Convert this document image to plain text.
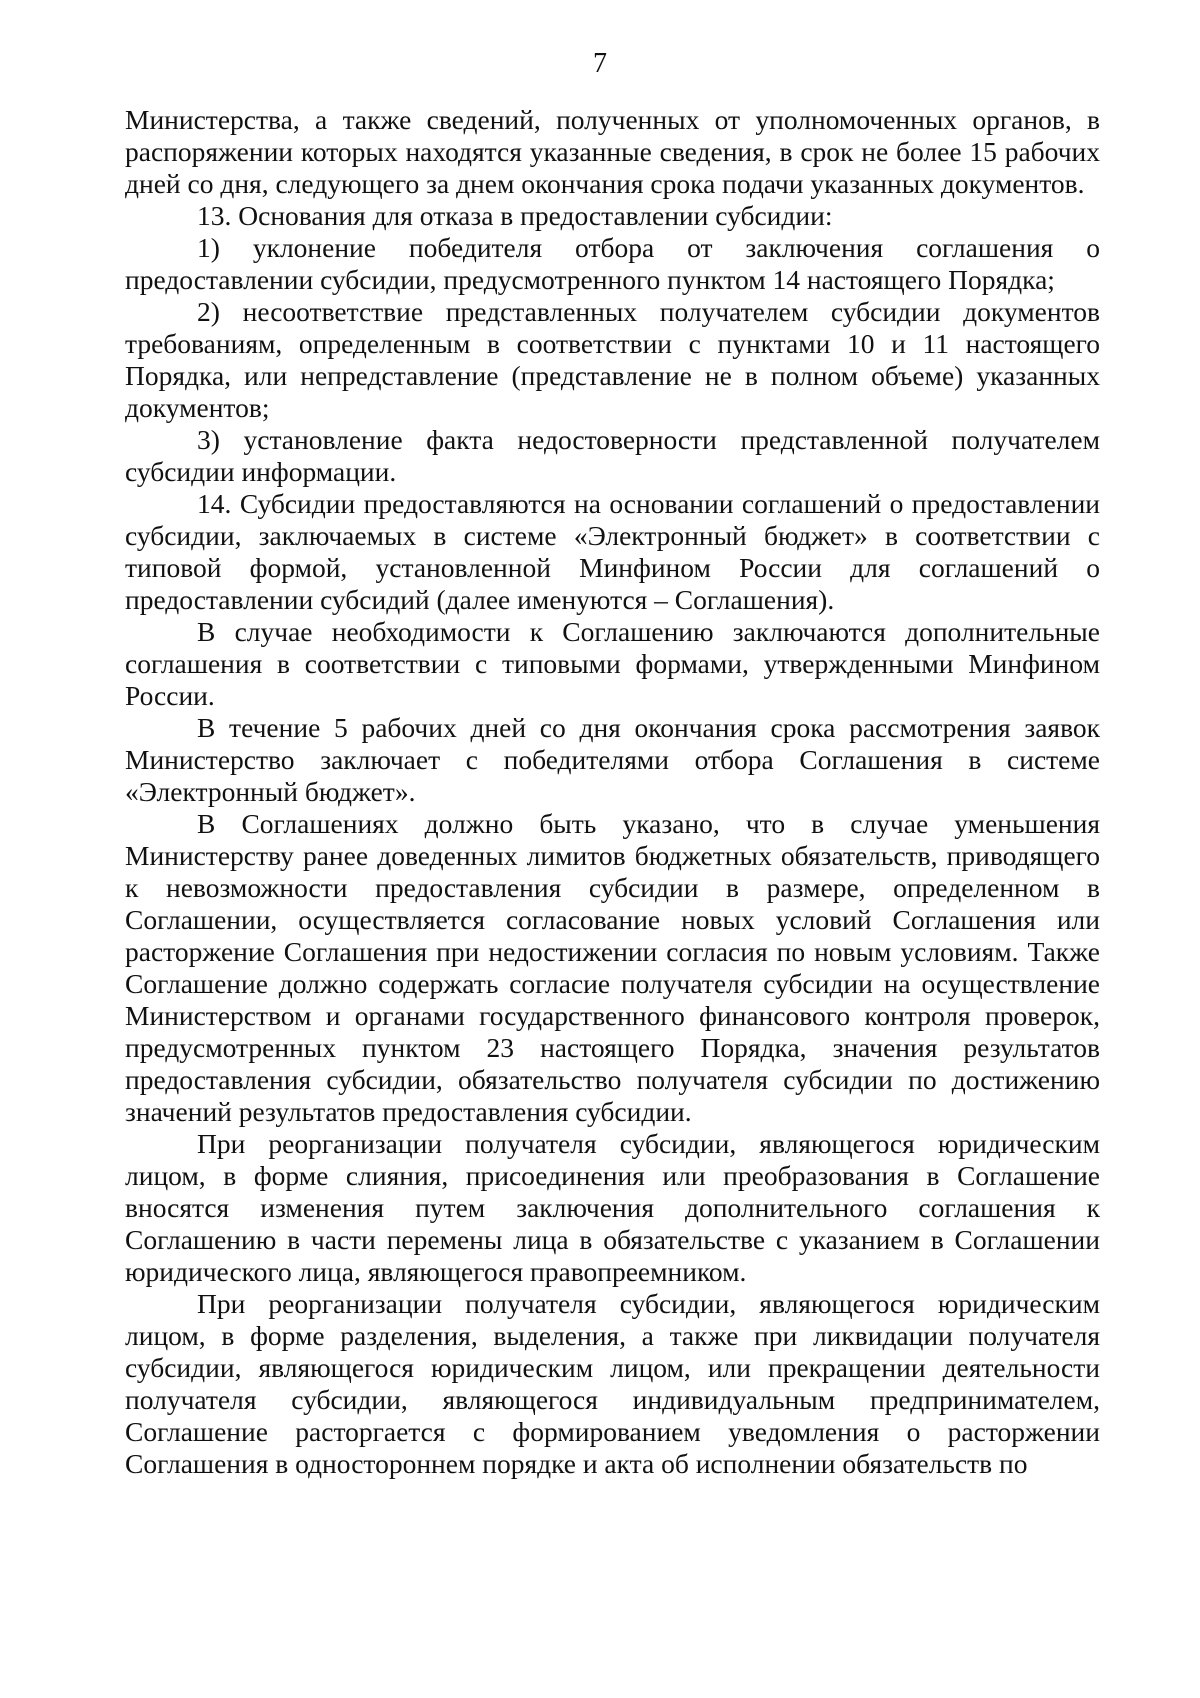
7

Министерства, а также сведений, полученных от уполномоченных органов, в распоряжении которых находятся указанные сведения, в срок не более 15 рабочих дней со дня, следующего за днем окончания срока подачи указанных документов.

13. Основания для отказа в предоставлении субсидии:

1) уклонение победителя отбора от заключения соглашения о предоставлении субсидии, предусмотренного пунктом 14 настоящего Порядка;

2) несоответствие представленных получателем субсидии документов требованиям, определенным в соответствии с пунктами 10 и 11 настоящего Порядка, или непредставление (представление не в полном объеме) указанных документов;

3) установление факта недостоверности представленной получателем субсидии информации.

14. Субсидии предоставляются на основании соглашений о предоставлении субсидии, заключаемых в системе «Электронный бюджет» в соответствии с типовой формой, установленной Минфином России для соглашений о предоставлении субсидий (далее именуются – Соглашения).

В случае необходимости к Соглашению заключаются дополнительные соглашения в соответствии с типовыми формами, утвержденными Минфином России.

В течение 5 рабочих дней со дня окончания срока рассмотрения заявок Министерство заключает с победителями отбора Соглашения в системе «Электронный бюджет».

В Соглашениях должно быть указано, что в случае уменьшения Министерству ранее доведенных лимитов бюджетных обязательств, приводящего к невозможности предоставления субсидии в размере, определенном в Соглашении, осуществляется согласование новых условий Соглашения или расторжение Соглашения при недостижении согласия по новым условиям. Также Соглашение должно содержать согласие получателя субсидии на осуществление Министерством и органами государственного финансового контроля проверок, предусмотренных пунктом 23 настоящего Порядка, значения результатов предоставления субсидии, обязательство получателя субсидии по достижению значений результатов предоставления субсидии.

При реорганизации получателя субсидии, являющегося юридическим лицом, в форме слияния, присоединения или преобразования в Соглашение вносятся изменения путем заключения дополнительного соглашения к Соглашению в части перемены лица в обязательстве с указанием в Соглашении юридического лица, являющегося правопреемником.

При реорганизации получателя субсидии, являющегося юридическим лицом, в форме разделения, выделения, а также при ликвидации получателя субсидии, являющегося юридическим лицом, или прекращении деятельности получателя субсидии, являющегося индивидуальным предпринимателем, Соглашение расторгается с формированием уведомления о расторжении Соглашения в одностороннем порядке и акта об исполнении обязательств по
